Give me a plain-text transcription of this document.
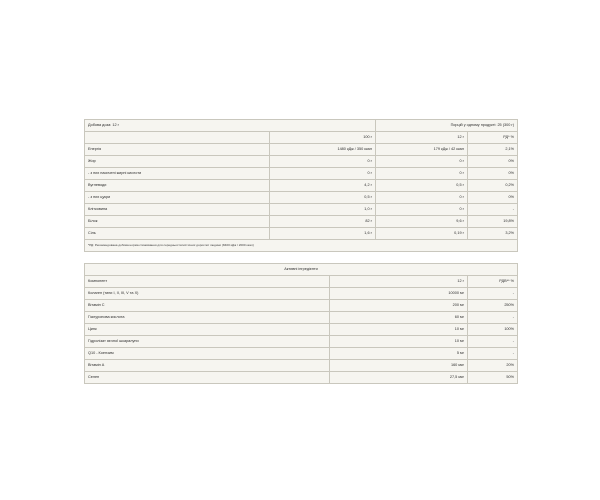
Добова доза: 12 г		Порцій у одному продукті: 25 (300 г)	
	100 г	12 г	РД* %
Енергія	1480 кДж / 350 ккал	179 кДж / 42 ккал	2,1%
Жир	0 г	0 г	0%
- з них насичені жирні кислоти	0 г	0 г	0%
Вуглеводи	4,2 г	0,5 г	0,2%
- з них цукри	0,5 г	0 г	0%
Клітковина	1,0 г	0 г	-
Білок	82 г	9,6 г	19,8%
Сіль	1,6 г	0,19 г	3,2%
*РД: Рекомендована добова норма споживання для середньостатистичної дорослої людини (8400 кДж / 2000 ккал)			
Активні інгредієнти		
Компонент	12 г	РДВ** %
Колаген (типи I, II, III, V та X)	10000 мг	-
Вітамін C	200 мг	250%
Гіалуронова кислота	60 мг	-
Цинк	10 мг	100%
Гідролізат яєчної шкаралупи	10 мг	-
Q10 - Коензим	5 мг	-
Вітамін A	160 мкг	20%
Селен	27,5 мкг	50%
